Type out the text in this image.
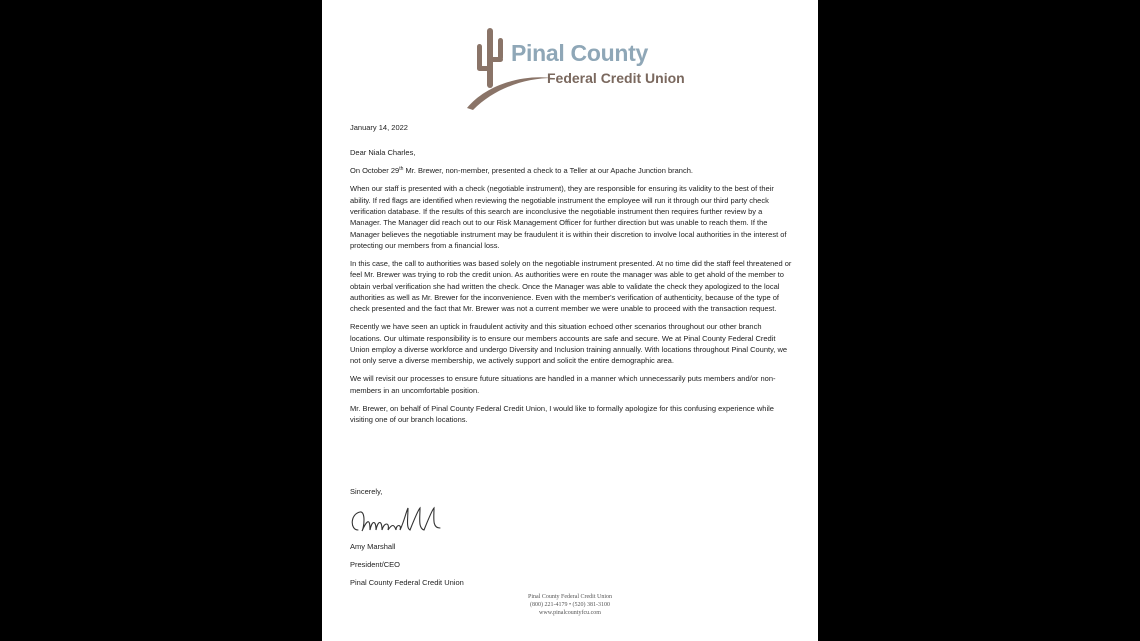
Pinal County
Federal Credit Union

January 14, 2022

Dear Niala Charles,

On October 29th Mr. Brewer, non-member, presented a check to a Teller at our Apache Junction branch.

When our staff is presented with a check (negotiable instrument), they are responsible for ensuring its validity to the best of their ability. If red flags are identified when reviewing the negotiable instrument the employee will run it through our third party check verification database. If the results of this search are inconclusive the negotiable instrument then requires further review by a Manager. The Manager did reach out to our Risk Management Officer for further direction but was unable to reach them. If the Manager believes the negotiable instrument may be fraudulent it is within their discretion to involve local authorities in the interest of protecting our members from a financial loss.

In this case, the call to authorities was based solely on the negotiable instrument presented. At no time did the staff feel threatened or feel Mr. Brewer was trying to rob the credit union. As authorities were en route the manager was able to get ahold of the member to obtain verbal verification she had written the check. Once the Manager was able to validate the check they apologized to the local authorities as well as Mr. Brewer for the inconvenience. Even with the member's verification of authenticity, because of the type of check presented and the fact that Mr. Brewer was not a current member we were unable to proceed with the transaction request.

Recently we have seen an uptick in fraudulent activity and this situation echoed other scenarios throughout our other branch locations. Our ultimate responsibility is to ensure our members accounts are safe and secure. We at Pinal County Federal Credit Union employ a diverse workforce and undergo Diversity and Inclusion training annually. With locations throughout Pinal County, we not only serve a diverse membership, we actively support and solicit the entire demographic area.

We will revisit our processes to ensure future situations are handled in a manner which unnecessarily puts members and/or non-members in an uncomfortable position.

Mr. Brewer, on behalf of Pinal County Federal Credit Union, I would like to formally apologize for this confusing experience while visiting one of our branch locations.

Sincerely,
Amy Marshall
President/CEO
Pinal County Federal Credit Union
Pinal County Federal Credit Union
(800) 221-4179 • (520) 381-3100
www.pinalcountyfcu.com
